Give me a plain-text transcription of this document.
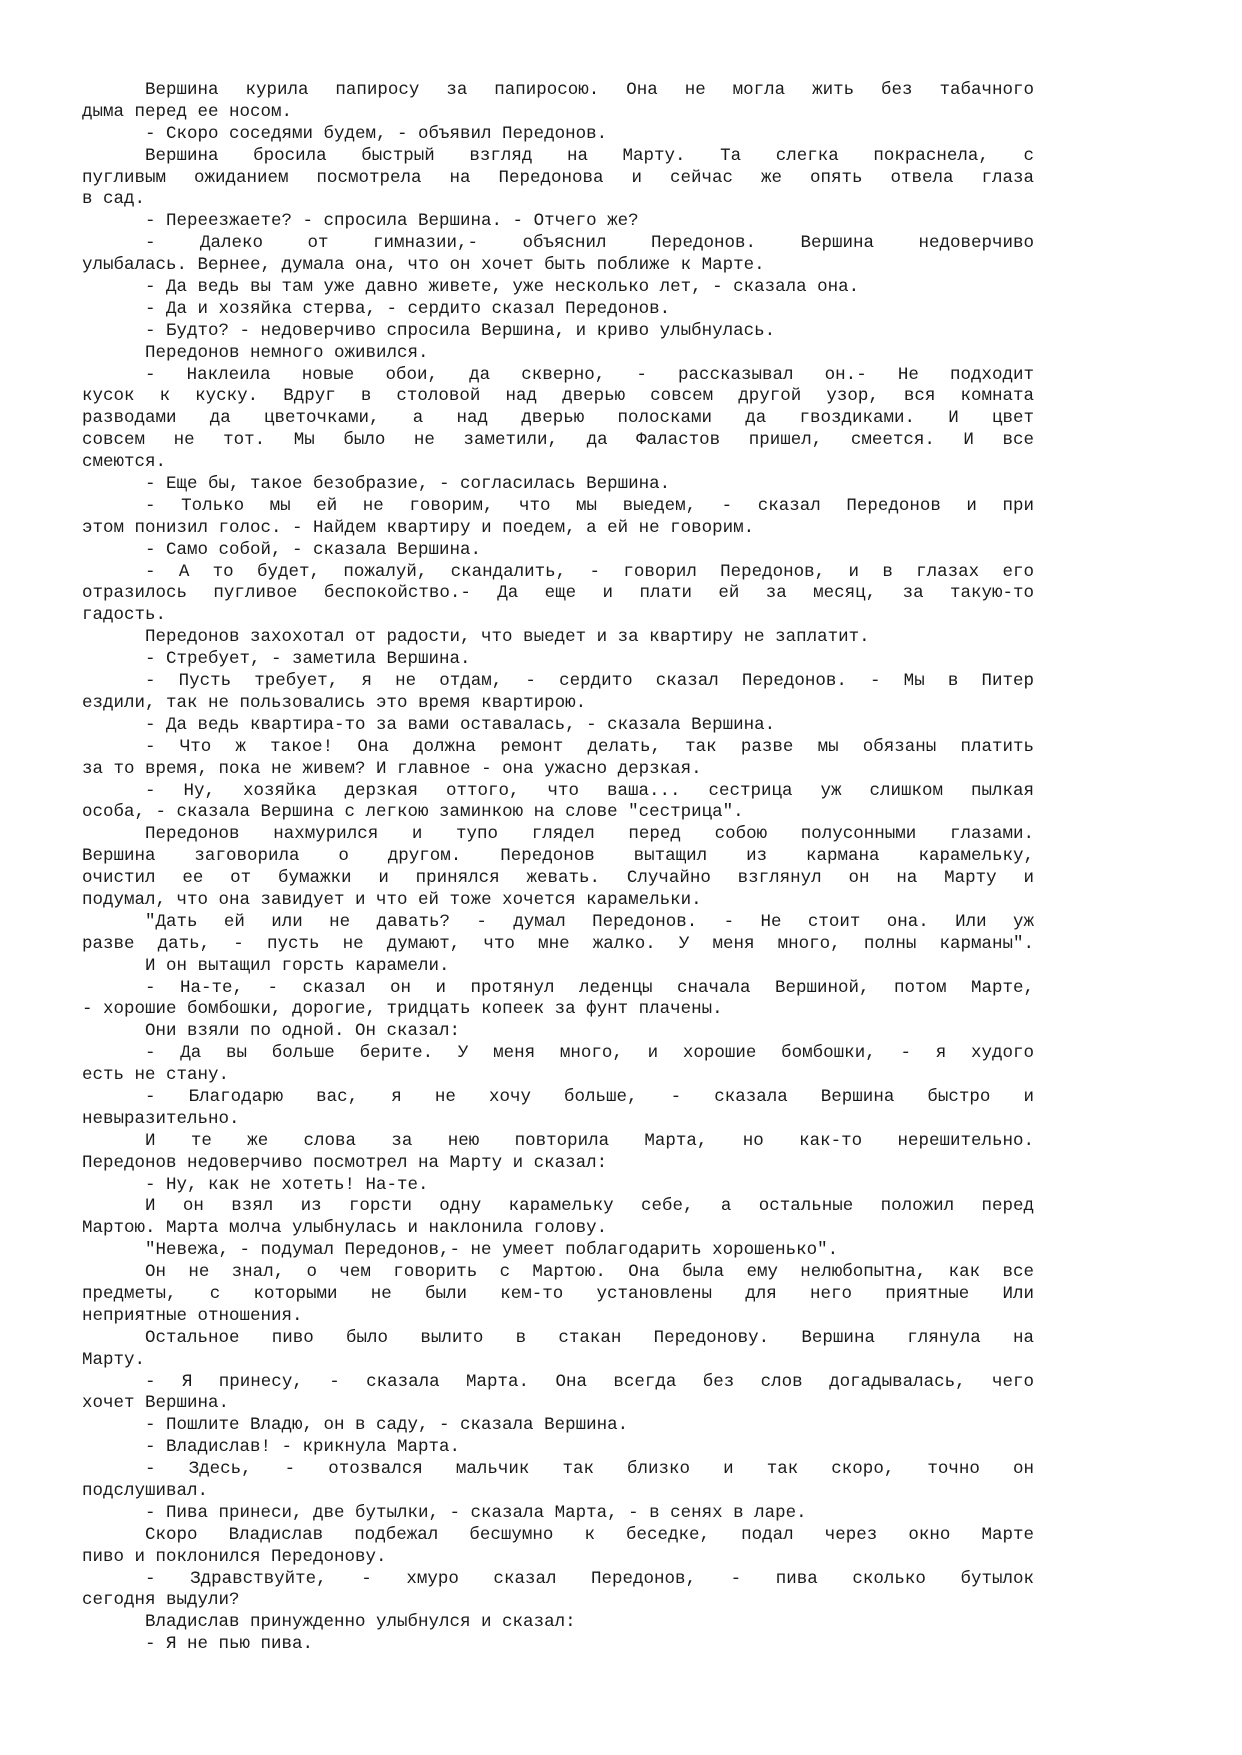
Вершина курила папиросу за папиросою. Она не могла жить без табачного
дыма перед ее носом.
- Скоро соседями будем, - объявил Передонов.
Вершина бросила быстрый взгляд на Марту. Та слегка покраснела, с
пугливым ожиданием посмотрела на Передонова и сейчас же опять отвела глаза
в сад.
- Переезжаете? - спросила Вершина. - Отчего же?
- Далеко от гимназии,- объяснил Передонов. Вершина недоверчиво
улыбалась. Вернее, думала она, что он хочет быть поближе к Марте.
- Да ведь вы там уже давно живете, уже несколько лет, - сказала она.
- Да и хозяйка стерва, - сердито сказал Передонов.
- Будто? - недоверчиво спросила Вершина, и криво улыбнулась.
Передонов немного оживился.
- Наклеила новые обои, да скверно, - рассказывал он.- Не подходит
кусок к куску. Вдруг в столовой над дверью совсем другой узор, вся комната
разводами да цветочками, а над дверью полосками да гвоздиками. И цвет
совсем не тот. Мы было не заметили, да Фаластов пришел, смеется. И все
смеются.
- Еще бы, такое безобразие, - согласилась Вершина.
- Только мы ей не говорим, что мы выедем, - сказал Передонов и при
этом понизил голос. - Найдем квартиру и поедем, а ей не говорим.
- Само собой, - сказала Вершина.
- А то будет, пожалуй, скандалить, - говорил Передонов, и в глазах его
отразилось пугливое беспокойство.- Да еще и плати ей за месяц, за такую-то
гадость.
Передонов захохотал от радости, что выедет и за квартиру не заплатит.
- Стребует, - заметила Вершина.
- Пусть требует, я не отдам, - сердито сказал Передонов. - Мы в Питер
ездили, так не пользовались это время квартирою.
- Да ведь квартира-то за вами оставалась, - сказала Вершина.
- Что ж такое! Она должна ремонт делать, так разве мы обязаны платить
за то время, пока не живем? И главное - она ужасно дерзкая.
- Ну, хозяйка дерзкая оттого, что ваша... сестрица уж слишком пылкая
особа, - сказала Вершина с легкою заминкою на слове "сестрица".
Передонов нахмурился и тупо глядел перед собою полусонными глазами.
Вершина заговорила о другом. Передонов вытащил из кармана карамельку,
очистил ее от бумажки и принялся жевать. Случайно взглянул он на Марту и
подумал, что она завидует и что ей тоже хочется карамельки.
"Дать ей или не давать? - думал Передонов. - Не стоит она. Или уж
разве дать, - пусть не думают, что мне жалко. У меня много, полны карманы".
И он вытащил горсть карамели.
- На-те, - сказал он и протянул леденцы сначала Вершиной, потом Марте,
- хорошие бомбошки, дорогие, тридцать копеек за фунт плачены.
Они взяли по одной. Он сказал:
- Да вы больше берите. У меня много, и хорошие бомбошки, - я худого
есть не стану.
- Благодарю вас, я не хочу больше, - сказала Вершина быстро и
невыразительно.
И те же слова за нею повторила Марта, но как-то нерешительно.
Передонов недоверчиво посмотрел на Марту и сказал:
- Ну, как не хотеть! На-те.
И он взял из горсти одну карамельку себе, а остальные положил перед
Мартою. Марта молча улыбнулась и наклонила голову.
"Невежа, - подумал Передонов,- не умеет поблагодарить хорошенько".
Он не знал, о чем говорить с Мартою. Она была ему нелюбопытна, как все
предметы, с которыми не были кем-то установлены для него приятные Или
неприятные отношения.
Остальное пиво было вылито в стакан Передонову. Вершина глянула на
Марту.
- Я принесу, - сказала Марта. Она всегда без слов догадывалась, чего
хочет Вершина.
- Пошлите Владю, он в саду, - сказала Вершина.
- Владислав! - крикнула Марта.
- Здесь, - отозвался мальчик так близко и так скоро, точно он
подслушивал.
- Пива принеси, две бутылки, - сказала Марта, - в сенях в ларе.
Скоро Владислав подбежал бесшумно к беседке, подал через окно Марте
пиво и поклонился Передонову.
- Здравствуйте, - хмуро сказал Передонов, - пива сколько бутылок
сегодня выдули?
Владислав принужденно улыбнулся и сказал:
- Я не пью пива.
